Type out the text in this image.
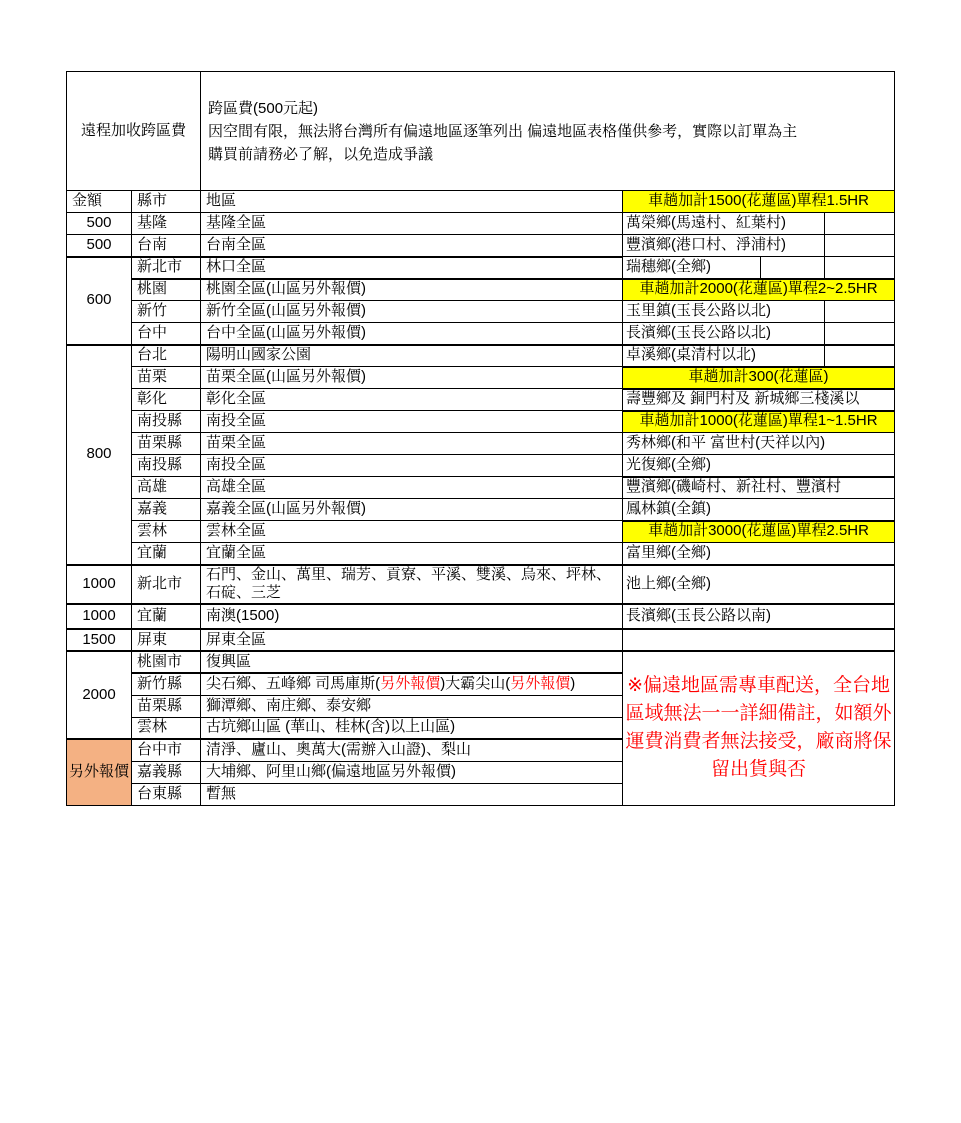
遠程加收跨區費		跨區費(500元起)
因空間有限，無法將台灣所有偏遠地區逐筆列出 偏遠地區表格僅供參考，實際以訂單為主
購買前請務必了解，以免造成爭議			

金額	縣市	地區	車趟加計1500(花蓮區)單程1.5HR		
500	基隆	基隆全區	萬榮鄉(馬遠村、紅葉村)		
500	台南	台南全區	豐濱鄉(港口村、淨浦村)		
600	新北市	林口全區	瑞穗鄉(全鄉)		
	桃園	桃園全區(山區另外報價)	車趟加計2000(花蓮區)單程2~2.5HR		
	新竹	新竹全區(山區另外報價)	玉里鎮(玉長公路以北)		
	台中	台中全區(山區另外報價)	長濱鄉(玉長公路以北)		
800	台北	陽明山國家公園	卓溪鄉(桌清村以北)		
	苗栗	苗栗全區(山區另外報價)	車趟加計300(花蓮區)		
	彰化	彰化全區	壽豐鄉及 銅門村及 新城鄉三棧溪以		
	南投縣	南投全區	車趟加計1000(花蓮區)單程1~1.5HR		
	苗栗縣	苗栗全區	秀林鄉(和平 富世村(天祥以內)		
	南投縣	南投全區	光復鄉(全鄉)		
	高雄	高雄全區	豐濱鄉(磯崎村、新社村、豐濱村		
	嘉義	嘉義全區(山區另外報價)	鳳林鎮(全鎮)		
	雲林	雲林全區	車趟加計3000(花蓮區)單程2.5HR		
	宜蘭	宜蘭全區	富里鄉(全鄉)		
1000	新北市	石門、金山、萬里、瑞芳、貢寮、平溪、雙溪、烏來、坪林、石碇、三芝	池上鄉(全鄉)		
1000	宜蘭	南澳(1500)	長濱鄉(玉長公路以南)		
1500	屏東	屏東全區			
2000	桃園市	復興區	※偏遠地區需專車配送，全台地區域無法一一詳細備註，如額外運費消費者無法接受，廠商將保留出貨與否		
	新竹縣	尖石鄉、五峰鄉 司馬庫斯(另外報價)大霸尖山(另外報價)			
	苗栗縣	獅潭鄉、南庄鄉、泰安鄉			
	雲林	古坑鄉山區 (華山、桂林(含)以上山區)			
另外報價	台中市	清淨、廬山、奧萬大(需辦入山證)、梨山			
	嘉義縣	大埔鄉、阿里山鄉(偏遠地區另外報價)			
	台東縣	暫無			
